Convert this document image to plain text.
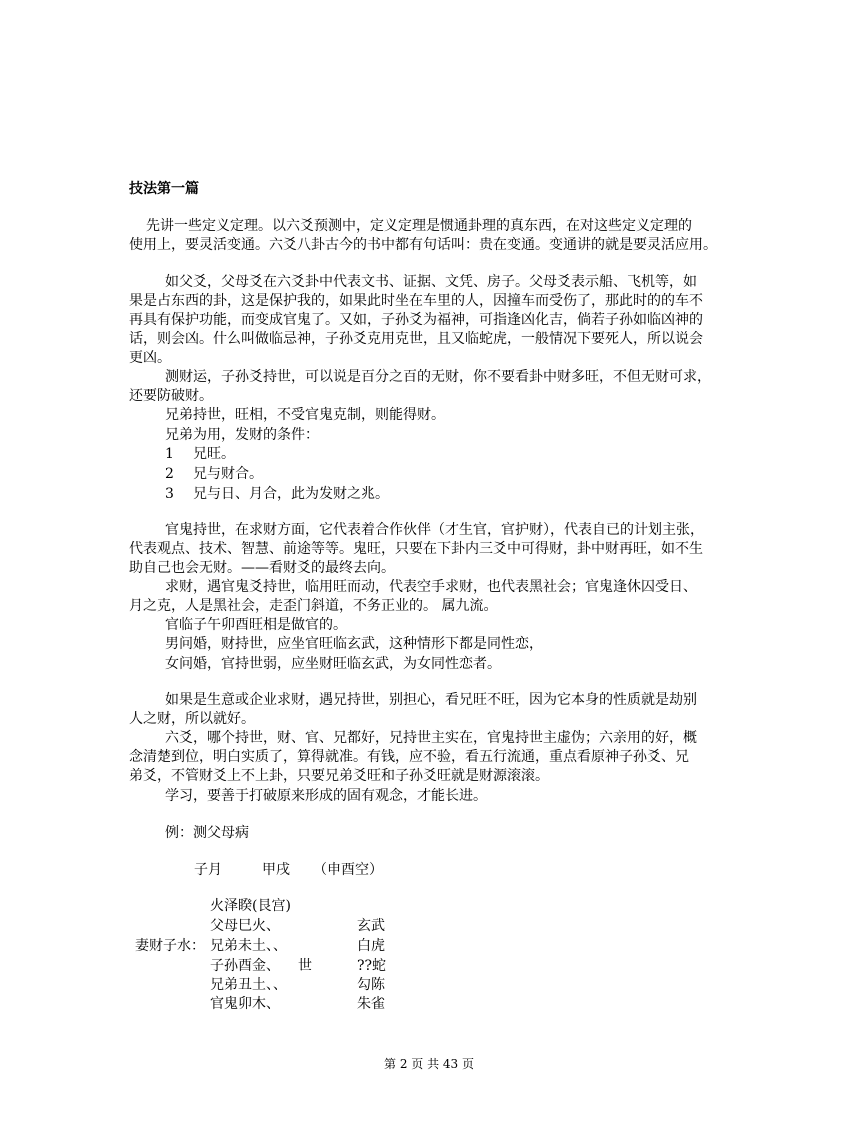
技法第一篇
先讲一些定义定理。以六爻预测中，定义定理是惯通卦理的真东西，在对这些定义定理的
使用上，要灵活变通。六爻八卦古今的书中都有句话叫：贵在变通。变通讲的就是要灵活应用。
如父爻，父母爻在六爻卦中代表文书、证据、文凭、房子。父母爻表示船、飞机等，如
果是占东西的卦，这是保护我的，如果此时坐在车里的人，因撞车而受伤了，那此时的的车不
再具有保护功能，而变成官鬼了。又如，子孙爻为福神，可指逢凶化吉，倘若子孙如临凶神的
话，则会凶。什么叫做临忌神，子孙爻克用克世，且又临蛇虎，一般情况下要死人，所以说会
更凶。
测财运，子孙爻持世，可以说是百分之百的无财，你不要看卦中财多旺，不但无财可求，
还要防破财。
兄弟持世，旺相，不受官鬼克制，则能得财。
兄弟为用，发财的条件：
1 兄旺。
2 兄与财合。
3 兄与日、月合，此为发财之兆。
官鬼持世，在求财方面，它代表着合作伙伴（才生官，官护财），代表自已的计划主张，
代表观点、技术、智慧、前途等等。鬼旺，只要在下卦内三爻中可得财，卦中财再旺，如不生
助自己也会无财。——看财爻的最终去向。
求财，遇官鬼爻持世，临用旺而动，代表空手求财，也代表黑社会；官鬼逢休囚受日、
月之克，人是黑社会，走歪门斜道，不务正业的。 属九流。
官临子午卯酉旺相是做官的。
男问婚，财持世，应坐官旺临玄武，这种情形下都是同性恋，
女问婚，官持世弱，应坐财旺临玄武，为女同性恋者。
如果是生意或企业求财，遇兄持世，别担心，看兄旺不旺，因为它本身的性质就是劫别
人之财，所以就好。
六爻，哪个持世，财、官、兄都好，兄持世主实在，官鬼持世主虚伪；六亲用的好，概
念清楚到位，明白实质了，算得就准。有钱，应不验，看五行流通，重点看原神子孙爻、兄
弟爻，不管财爻上不上卦，只要兄弟爻旺和子孙爻旺就是财源滚滚。
学习，要善于打破原来形成的固有观念，才能长进。
例：测父母病
子月	甲戌 （申酉空）
火泽睽(艮宫)
父母巳火、	玄武
妻财子水： 兄弟未土、、	白虎
子孙酉金、 世	??蛇
兄弟丑土、、	勾陈
官鬼卯木、	朱雀
第 2 页 共 43 页
